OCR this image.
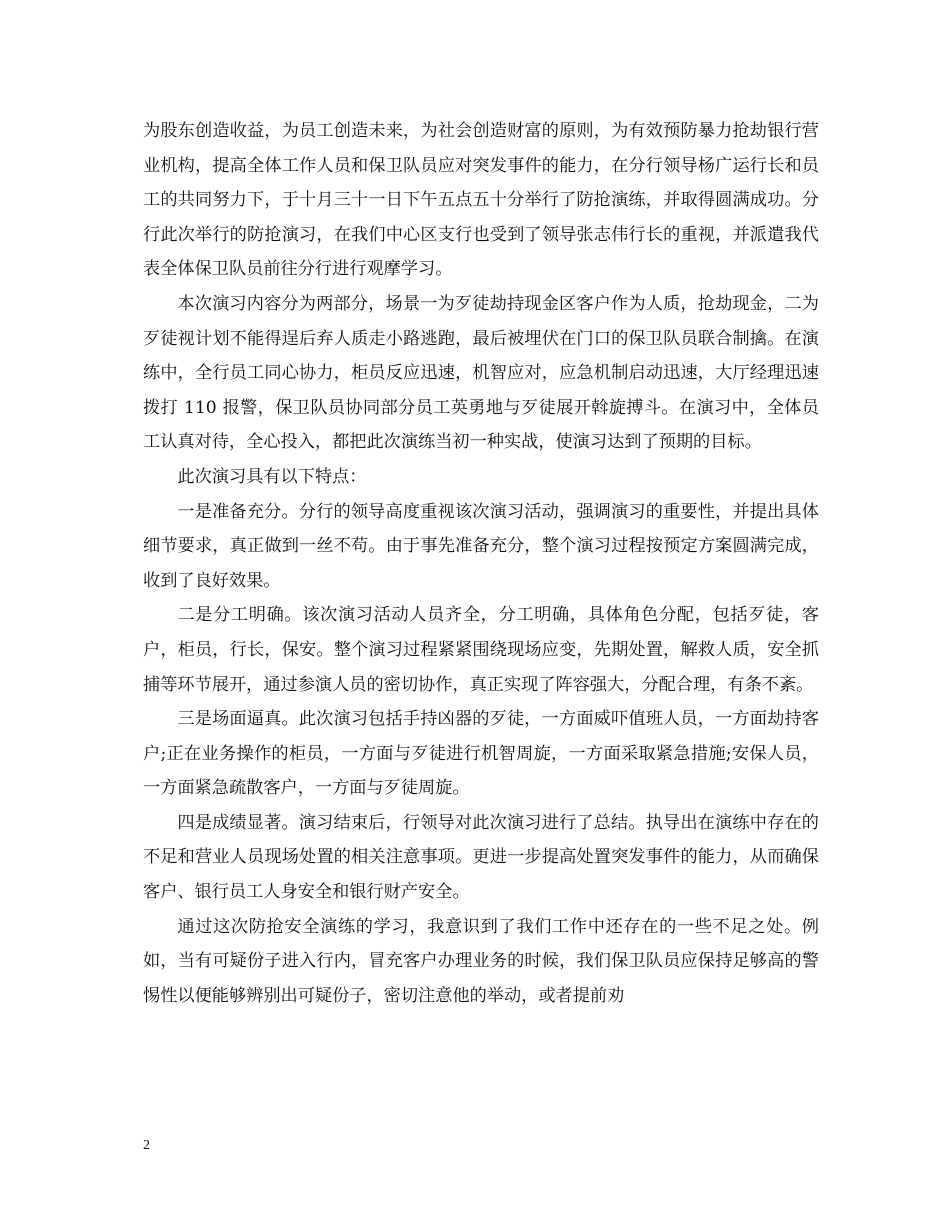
为股东创造收益，为员工创造未来，为社会创造财富的原则，为有效预防暴力抢劫银行营业机构，提高全体工作人员和保卫队员应对突发事件的能力，在分行领导杨广运行长和员工的共同努力下，于十月三十一日下午五点五十分举行了防抢演练，并取得圆满成功。分行此次举行的防抢演习，在我们中心区支行也受到了领导张志伟行长的重视，并派遣我代表全体保卫队员前往分行进行观摩学习。

本次演习内容分为两部分，场景一为歹徒劫持现金区客户作为人质，抢劫现金，二为歹徒视计划不能得逞后弃人质走小路逃跑，最后被埋伏在门口的保卫队员联合制擒。在演练中，全行员工同心协力，柜员反应迅速，机智应对，应急机制启动迅速，大厅经理迅速拨打 110 报警，保卫队员协同部分员工英勇地与歹徒展开斡旋搏斗。在演习中，全体员工认真对待，全心投入，都把此次演练当初一种实战，使演习达到了预期的目标。

此次演习具有以下特点：

一是准备充分。分行的领导高度重视该次演习活动，强调演习的重要性，并提出具体细节要求，真正做到一丝不苟。由于事先准备充分，整个演习过程按预定方案圆满完成，收到了良好效果。

二是分工明确。该次演习活动人员齐全，分工明确，具体角色分配，包括歹徒，客户，柜员，行长，保安。整个演习过程紧紧围绕现场应变，先期处置，解救人质，安全抓捕等环节展开，通过参演人员的密切协作，真正实现了阵容强大，分配合理，有条不紊。

三是场面逼真。此次演习包括手持凶器的歹徒，一方面威吓值班人员，一方面劫持客户;正在业务操作的柜员，一方面与歹徒进行机智周旋，一方面采取紧急措施;安保人员，一方面紧急疏散客户，一方面与歹徒周旋。

四是成绩显著。演习结束后，行领导对此次演习进行了总结。执导出在演练中存在的不足和营业人员现场处置的相关注意事项。更进一步提高处置突发事件的能力，从而确保客户、银行员工人身安全和银行财产安全。

通过这次防抢安全演练的学习，我意识到了我们工作中还存在的一些不足之处。例如，当有可疑份子进入行内，冒充客户办理业务的时候，我们保卫队员应保持足够高的警惕性以便能够辨别出可疑份子，密切注意他的举动，或者提前劝

2
